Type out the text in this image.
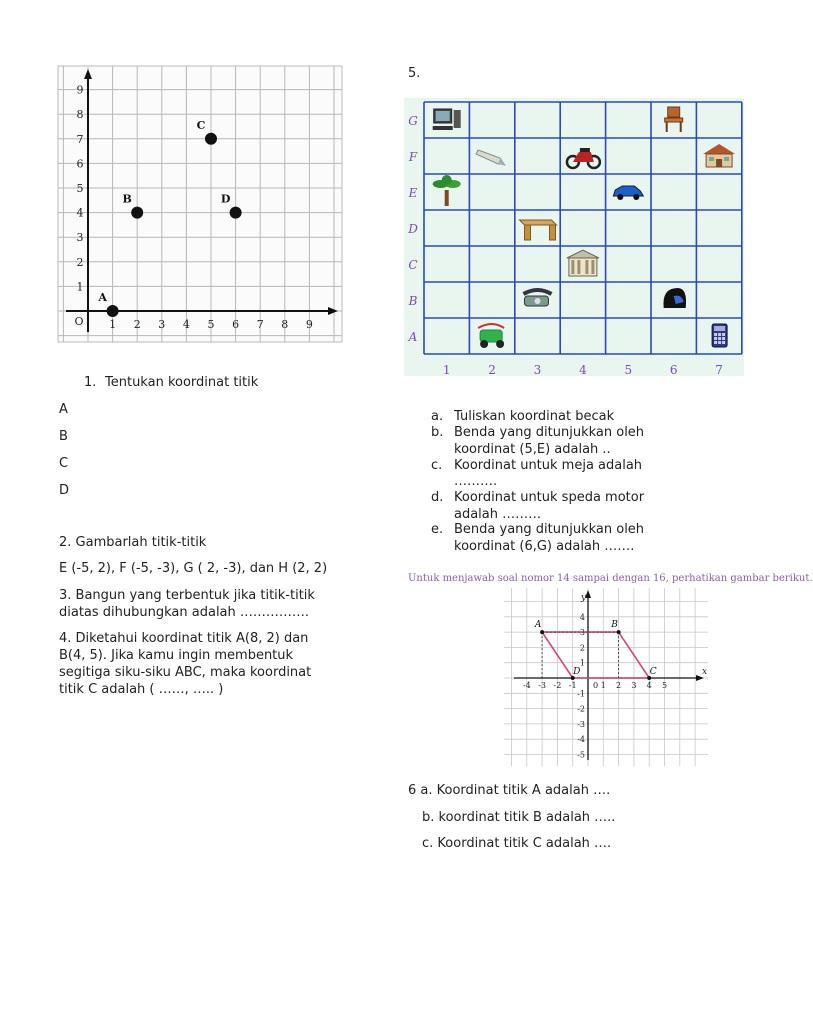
1 2 3 4 5 6 7 8 9
1
2
3
4
5
6
7
8
9
O
A
B
C
D
1. Tentukan koordinat titik
A
B
C
D
2. Gambarlah titik-titik
E (-5, 2), F (-5, -3), G ( 2, -3), dan H (2, 2)
3. Bangun yang terbentuk jika titik-titik
diatas dihubungkan adalah …………….
4. Diketahui koordinat titik A(8, 2) dan
B(4, 5). Jika kamu ingin membentuk
segitiga siku-siku ABC, maka koordinat
titik C adalah ( ……, ….. )
5.
G
F
E
D
C
B
A
1	2	3	4	5	6	7
a. Tuliskan koordinat becak
b. Benda yang ditunjukkan oleh
koordinat (5,E) adalah ..
c. Koordinat untuk meja adalah
……….
d. Koordinat untuk speda motor
adalah ………
e. Benda yang ditunjukkan oleh
koordinat (6,G) adalah …….
Untuk menjawab soal nomor 14 sampai dengan 16, perhatikan gambar berikut.
x
y
-4 -3 -2 -1	1 2 3 4 5
0
1
2
3
4
-1
-2
-3
-4
-5
A	B
C
D
6 a. Koordinat titik A adalah ….
b. koordinat titik B adalah …..
c. Koordinat titik C adalah ….
